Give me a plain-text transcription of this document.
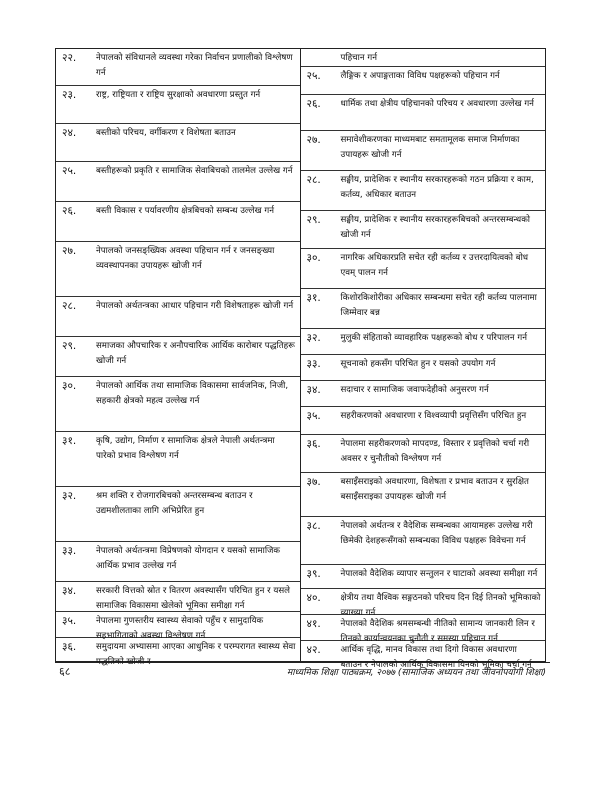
२२.	नेपालको संविधानले व्यवस्था गरेका निर्वाचन प्रणालीको विश्लेषण गर्न
२३.	राष्ट्र, राष्ट्रियता र राष्ट्रिय सुरक्षाको अवधारणा प्रस्तुत गर्न
२४.	बस्तीको परिचय, वर्गीकरण र विशेषता बताउन
२५.	बस्तीहरूको प्रकृति र सामाजिक सेवाबिचको तालमेल उल्लेख गर्न
२६.	बस्ती विकास र पर्यावरणीय क्षेत्रबिचको सम्बन्ध उल्लेख गर्न
२७.	नेपालको जनसङ्ख्यिक अवस्था पहिचान गर्न र जनसङ्ख्या व्यवस्थापनका उपायहरू खोजी गर्न
२८.	नेपालको अर्थतन्त्रका आधार पहिचान गरी विशेषताहरू खोजी गर्न
२९.	समाजका औपचारिक र अनौपचारिक आर्थिक कारोबार पद्धतिहरू खोजी गर्न
३०.	नेपालको आर्थिक तथा सामाजिक विकासमा सार्वजनिक, निजी, सहकारी क्षेत्रको महत्व उल्लेख गर्न
३१.	कृषि, उद्योग, निर्माण र सामाजिक क्षेत्रले नेपाली अर्थतन्त्रमा पारेको प्रभाव विश्लेषण गर्न
३२.	श्रम शक्ति र रोजगारबिचको अन्तरसम्बन्ध बताउन र उद्यमशीलताका लागि अभिप्रेरित हुन
३३.	नेपालको अर्थतन्त्रमा विप्रेषणको योगदान र यसको सामाजिक आर्थिक प्रभाव उल्लेख गर्न
३४.	सरकारी वित्तको स्रोत र वितरण अवस्थासँग परिचित हुन र यसले सामाजिक विकासमा खेलेको भूमिका समीक्षा गर्न
३५.	नेपालमा गुणस्तरीय स्वास्थ्य सेवाको पहुँच र सामुदायिक सहभागिताको अवस्था विश्लेषण गर्न
३६.	समुदायमा अभ्यासमा आएका आधुनिक र परम्परागत स्वास्थ्य सेवा पद्धतिको खोजी र
पहिचान गर्न
२५.	लैङ्गिक र अपाङ्गताका विविध पक्षहरूको पहिचान गर्न
२६.	धार्मिक तथा क्षेत्रीय पहिचानको परिचय र अवधारणा उल्लेख गर्न
२७.	समावेशीकरणका माध्यमबाट समतामूलक समाज निर्माणका उपायहरू खोजी गर्न
२८.	सङ्घीय, प्रादेशिक र स्थानीय सरकारहरूको गठन प्रक्रिया र काम, कर्तव्य, अधिकार बताउन
२९.	सङ्घीय, प्रादेशिक र स्थानीय सरकारहरूबिचको अन्तरसम्बन्धको खोजी गर्न
३०.	नागरिक अधिकारप्रति सचेत रही कर्तव्य र उत्तरदायित्वको बोध एवम् पालन गर्न
३१.	किशोरकिशोरीका अधिकार सम्बन्धमा सचेत रही कर्तव्य पालनामा जिम्मेवार बन्न
३२.	मुलुकी संहिताको व्यावहारिक पक्षहरूको बोध र परिपालन गर्न
३३.	सूचनाको हकसँग परिचित हुन र यसको उपयोग गर्न
३४.	सदाचार र सामाजिक जवाफदेहीको अनुसरण गर्न
३५.	सहरीकरणको अवधारणा र विश्वव्यापी प्रवृत्तिसँग परिचित हुन
३६.	नेपालमा सहरीकरणको मापदण्ड, विस्तार र प्रवृत्तिको चर्चा गरी अवसर र चुनौतीको विश्लेषण गर्न
३७.	बसाइँसराइको अवधारणा, विशेषता र प्रभाव बताउन र सुरक्षित बसाइँसराइका उपायहरू खोजी गर्न
३८.	नेपालको अर्थतन्त्र र वैदेशिक सम्बन्धका आयामहरू उल्लेख गरी छिमेकी देशहरूसँगको सम्बन्धका विविध पक्षहरू विवेचना गर्न
३९.	नेपालको वैदेशिक व्यापार सन्तुलन र घाटाको अवस्था समीक्षा गर्न
४०.	क्षेत्रीय तथा वैश्विक सङ्गठनको परिचय दिन दिई तिनको भूमिकाको व्याख्या गर्न
४१.	नेपालको वैदेशिक श्रमसम्बन्धी नीतिको सामान्य जानकारी लिन र तिनको कार्यान्वयनका चुनौती र समस्या पहिचान गर्न
४२.	आर्थिक वृद्धि, मानव विकास तथा दिगो विकास अवधारणा बताउन र नेपालको आर्थिक विकासमा यिनको भूमिका चर्चा गर्न
६८	माध्यमिक शिक्षा पाठ्यक्रम, २०७७ (सामाजिक अध्ययन तथा जीवनोपयोगी शिक्षा)
